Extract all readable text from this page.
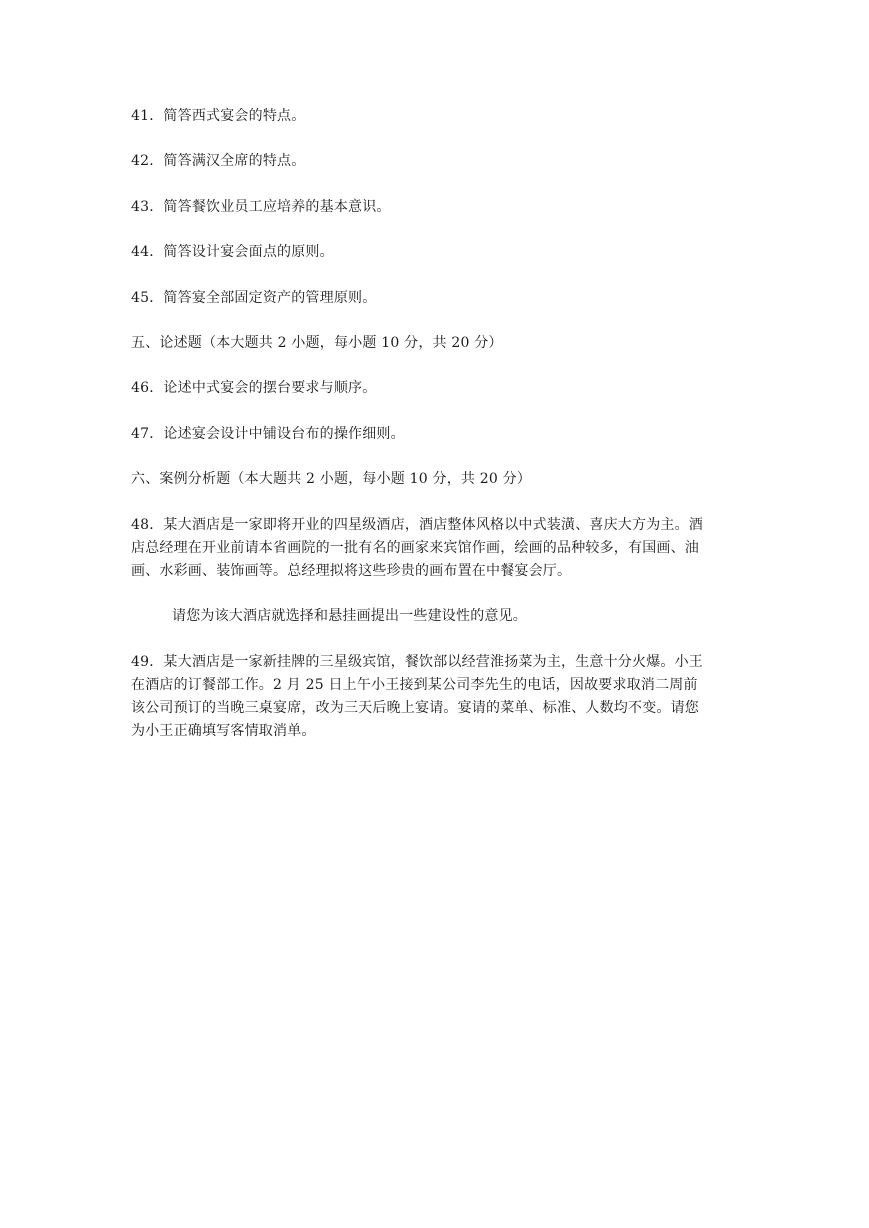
41．简答西式宴会的特点。
42．简答满汉全席的特点。
43．简答餐饮业员工应培养的基本意识。
44．简答设计宴会面点的原则。
45．简答宴全部固定资产的管理原则。
五、论述题（本大题共 2 小题，每小题 10 分，共 20 分）
46．论述中式宴会的摆台要求与顺序。
47．论述宴会设计中铺设台布的操作细则。
六、案例分析题（本大题共 2 小题，每小题 10 分，共 20 分）
48．某大酒店是一家即将开业的四星级酒店，酒店整体风格以中式装潢、喜庆大方为主。酒
店总经理在开业前请本省画院的一批有名的画家来宾馆作画，绘画的品种较多，有国画、油
画、水彩画、装饰画等。总经理拟将这些珍贵的画布置在中餐宴会厅。
请您为该大酒店就选择和悬挂画提出一些建设性的意见。
49．某大酒店是一家新挂牌的三星级宾馆，餐饮部以经营淮扬菜为主，生意十分火爆。小王
在酒店的订餐部工作。2 月 25 日上午小王接到某公司李先生的电话，因故要求取消二周前
该公司预订的当晚三桌宴席，改为三天后晚上宴请。宴请的菜单、标准、人数均不变。请您
为小王正确填写客情取消单。
